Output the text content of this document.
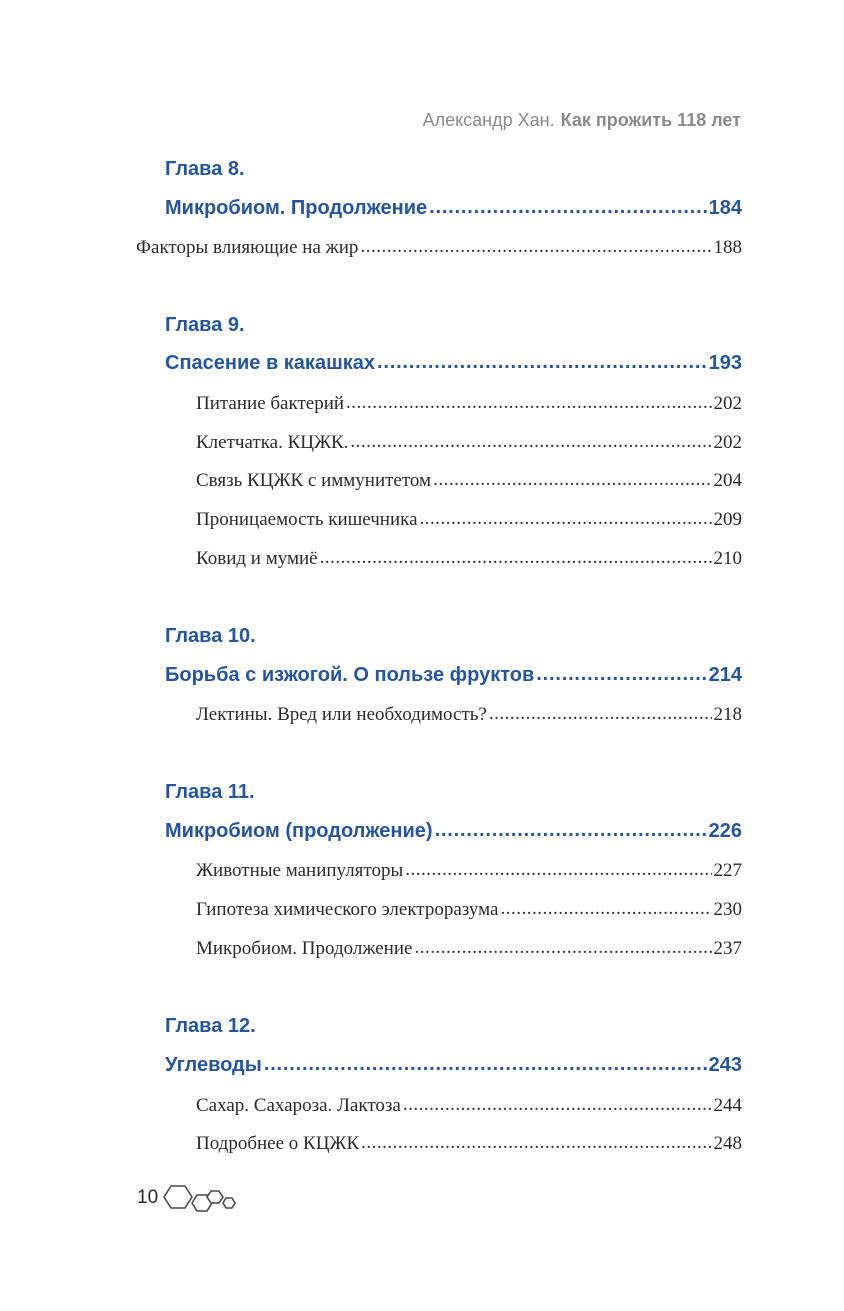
Александр Хан. Как прожить 118 лет
Глава 8.
Микробиом. Продолжение .....	184
Факторы влияющие на жир .....	188
Глава 9.
Спасение в какашках .....	193
Питание бактерий .....	202
Клетчатка. КЦЖК. .....	202
Связь КЦЖК с иммунитетом .....	204
Проницаемость кишечника .....	209
Ковид и мумиё .....	210
Глава 10.
Борьба с изжогой. О пользе фруктов .....	214
Лектины. Вред или необходимость? .....	218
Глава 11.
Микробиом (продолжение) .....	226
Животные манипуляторы .....	227
Гипотеза химического электроразума .....	230
Микробиом. Продолжение .....	237
Глава 12.
Углеводы .....	243
Сахар. Сахароза. Лактоза .....	244
Подробнее о КЦЖК .....	248
10
